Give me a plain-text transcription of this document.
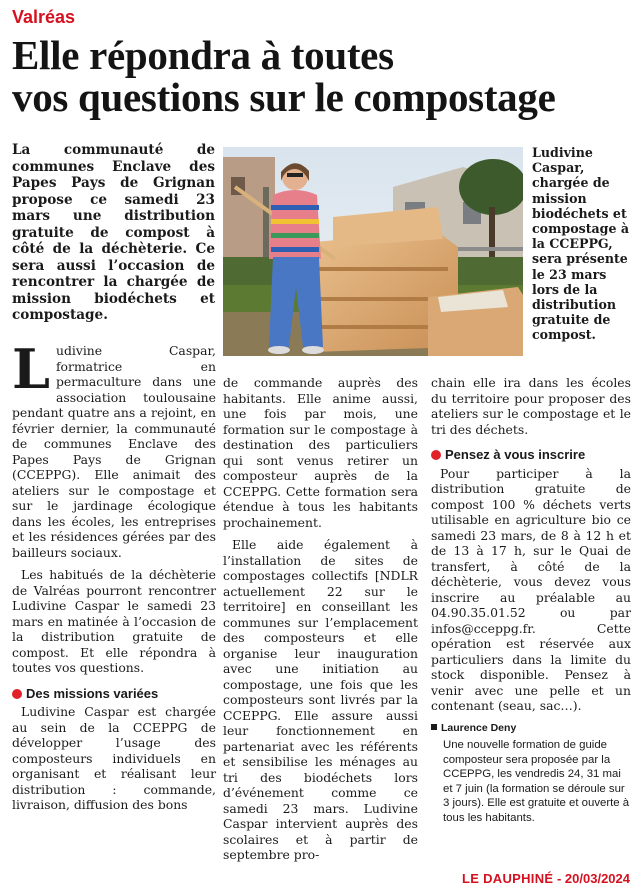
Valréas
Elle répondra à toutes
vos questions sur le compostage

La communauté de communes Enclave des Papes Pays de Grignan propose ce samedi 23 mars une distribution gratuite de compost à côté de la déchèterie. Ce sera aussi l’occasion de rencontrer la chargée de mission biodéchets et compostage.

Ludivine Caspar, chargée de mission biodéchets et compostage à la CCEPPG, sera présente le 23 mars lors de la distribution gratuite de compost.

Ludivine Caspar, formatrice en permaculture dans une association toulousaine pendant quatre ans a rejoint, en février dernier, la communauté de communes Enclave des Papes Pays de Grignan (CCEPPG). Elle animait des ateliers sur le compostage et sur le jardinage écologique dans les écoles, les entreprises et les résidences gérées par des bailleurs sociaux.

Les habitués de la déchèterie de Valréas pourront rencontrer Ludivine Caspar le samedi 23 mars en matinée à l’occasion de la distribution gratuite de compost. Et elle répondra à toutes vos questions.

Des missions variées

Ludivine Caspar est chargée au sein de la CCEPPG de développer l’usage des composteurs individuels en organisant et réalisant leur distribution : commande, livraison, diffusion des bons

de commande auprès des habitants. Elle anime aussi, une fois par mois, une formation sur le compostage à destination des particuliers qui sont venus retirer un composteur auprès de la CCEPPG. Cette formation sera étendue à tous les habitants prochainement.

Elle aide également à l’installation de sites de compostages collectifs [NDLR actuellement 22 sur le territoire] en conseillant les communes sur l’emplacement des composteurs et elle organise leur inauguration avec une initiation au compostage, une fois que les composteurs sont livrés par la CCEPPG. Elle assure aussi leur fonctionnement en partenariat avec les référents et sensibilise les ménages au tri des biodéchets lors d’événement comme ce samedi 23 mars. Ludivine Caspar intervient auprès des scolaires et à partir de septembre pro-

chain elle ira dans les écoles du territoire pour proposer des ateliers sur le compostage et le tri des déchets.

Pensez à vous inscrire

Pour participer à la distribution gratuite de compost 100 % déchets verts utilisable en agriculture bio ce samedi 23 mars, de 8 à 12 h et de 13 à 17 h, sur le Quai de transfert, à côté de la déchèterie, vous devez vous inscrire au préalable au 04.90.35.01.52 ou par infos@cceppg.fr. Cette opération est réservée aux particuliers dans la limite du stock disponible. Pensez à venir avec une pelle et un contenant (seau, sac…).

Laurence Deny
Une nouvelle formation de guide composteur sera proposée par la CCEPPG, les vendredis 24, 31 mai et 7 juin (la formation se déroule sur 3 jours). Elle est gratuite et ouverte à tous les habitants.
LE DAUPHINÉ - 20/03/2024
